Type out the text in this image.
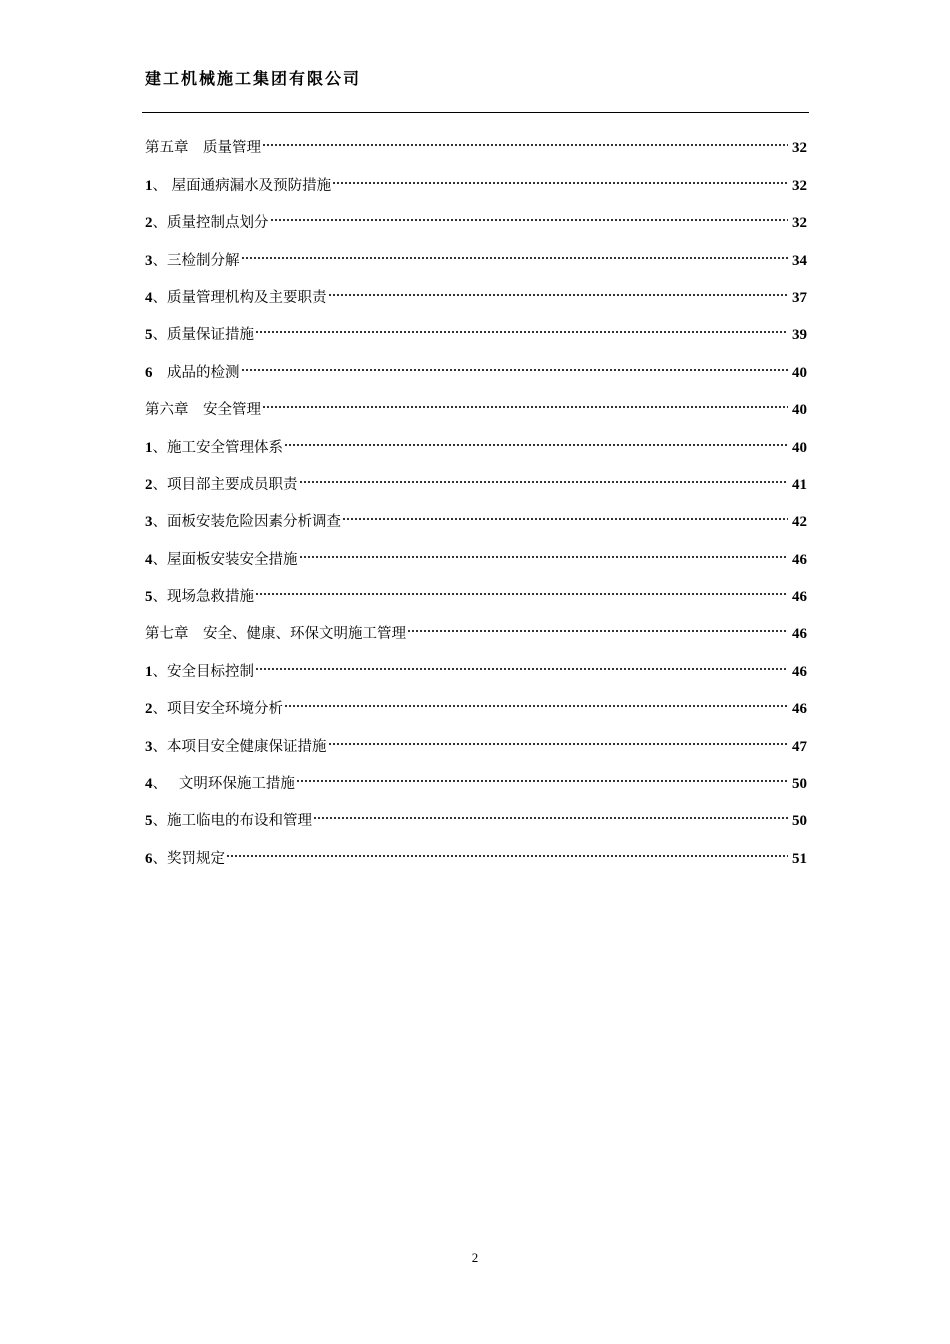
建工机械施工集团有限公司
第五章　质量管理	32
1 、 屋面通病漏水及预防措施	32
2 、质量控制点划分	32
3 、三检制分解	34
4 、质量管理机构及主要职责	37
5 、质量保证措施	39
6 　成品的检测	40
第六章　安全管理	40
1 、施工安全管理体系	40
2 、项目部主要成员职责	41
3 、面板安装危险因素分析调查	42
4 、屋面板安装安全措施	46
5 、现场急救措施	46
第七章　安全、健康、环保文明施工管理	46
1 、安全目标控制	46
2 、项目安全环境分析	46
3 、本项目安全健康保证措施	47
4 、　 文明环保施工措施	50
5 、施工临电的布设和管理	50
6 、奖罚规定	51
2
